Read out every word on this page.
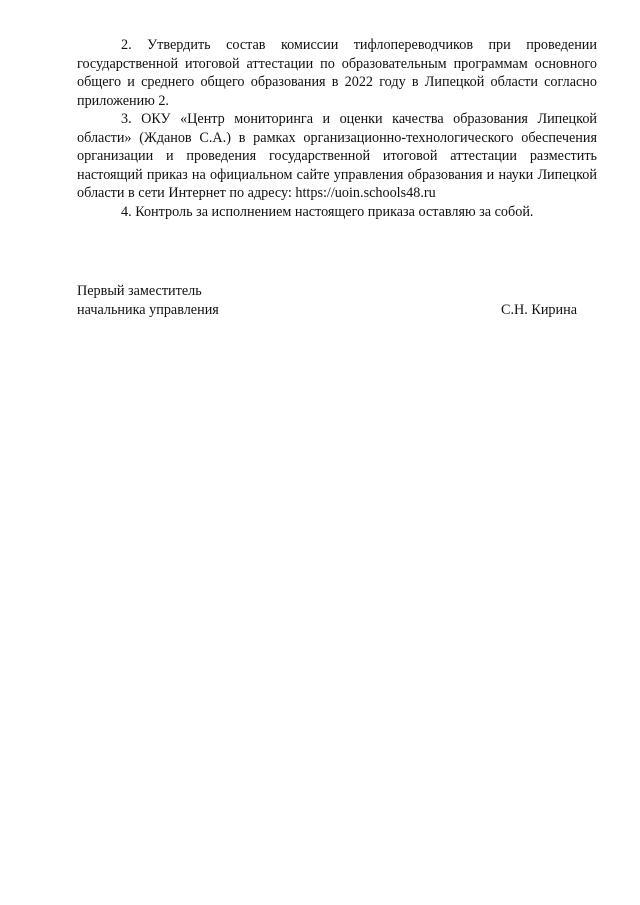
2. Утвердить состав комиссии тифлопереводчиков при проведении государственной итоговой аттестации по образовательным программам основного общего и среднего общего образования в 2022 году в Липецкой области согласно приложению 2.

3. ОКУ «Центр мониторинга и оценки качества образования Липецкой области» (Жданов С.А.) в рамках организационно-технологического обеспечения организации и проведения государственной итоговой аттестации разместить настоящий приказ на официальном сайте управления образования и науки Липецкой области в сети Интернет по адресу: https://uoin.schools48.ru

4. Контроль за исполнением настоящего приказа оставляю за собой.

Первый заместитель
начальника управления	С.Н. Кирина
